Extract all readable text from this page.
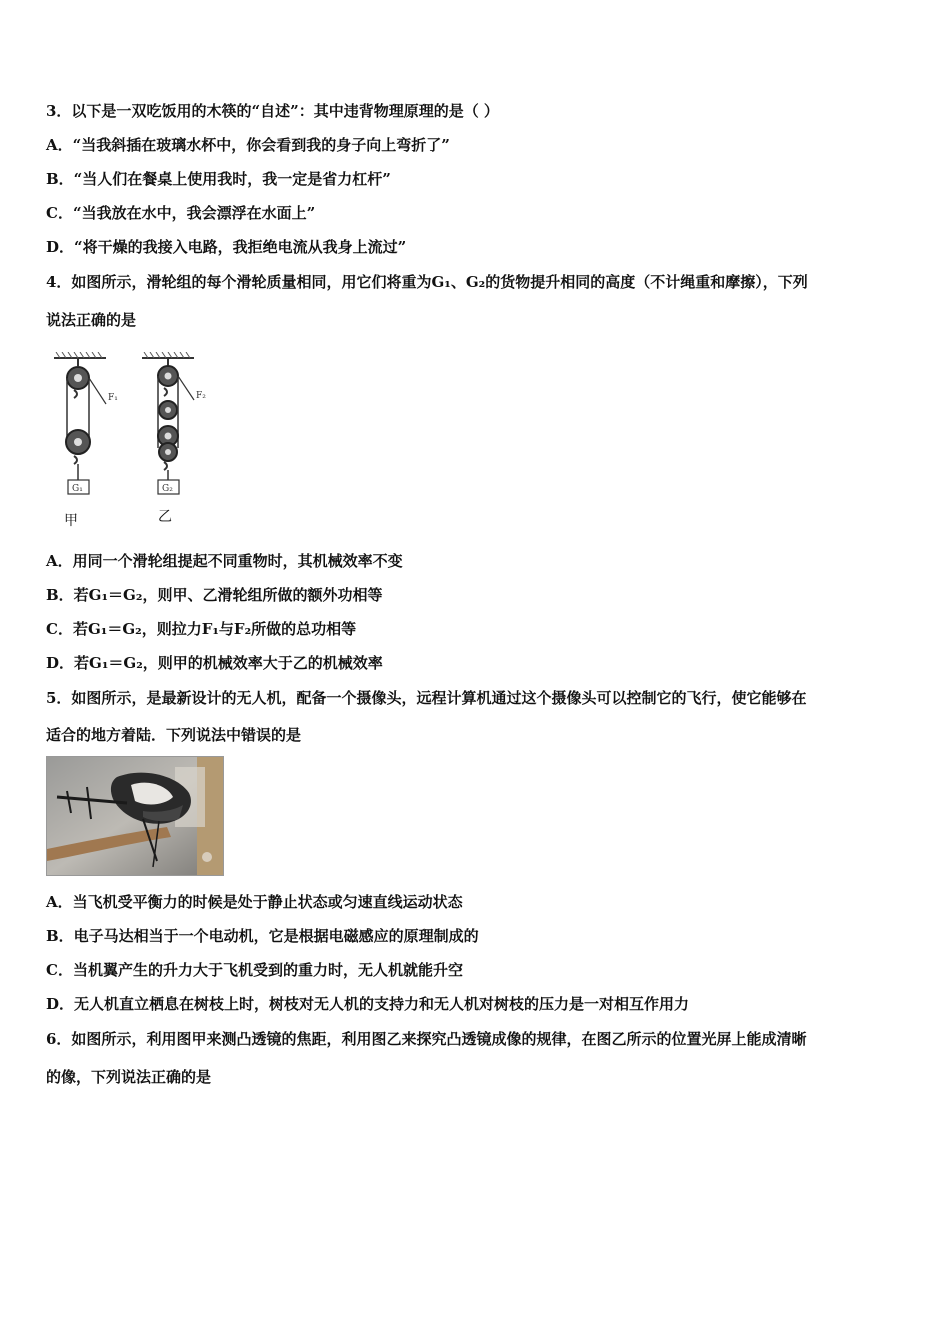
3．以下是一双吃饭用的木筷的“自述”：其中违背物理原理的是（ ）
A．“当我斜插在玻璃水杯中，你会看到我的身子向上弯折了”
B．“当人们在餐桌上使用我时，我一定是省力杠杆”
C．“当我放在水中，我会漂浮在水面上”
D．“将干燥的我接入电路，我拒绝电流从我身上流过”
4．如图所示，滑轮组的每个滑轮质量相同，用它们将重为G₁、G₂的货物提升相同的高度（不计绳重和摩擦），下列
说法正确的是
F₁
G₁
F₂
G₂
甲	乙
A．用同一个滑轮组提起不同重物时，其机械效率不变
B．若G₁＝G₂，则甲、乙滑轮组所做的额外功相等
C．若G₁＝G₂，则拉力F₁与F₂所做的总功相等
D．若G₁＝G₂，则甲的机械效率大于乙的机械效率
5．如图所示，是最新设计的无人机，配备一个摄像头，远程计算机通过这个摄像头可以控制它的飞行，使它能够在
适合的地方着陆．下列说法中错误的是
A．当飞机受平衡力的时候是处于静止状态或匀速直线运动状态
B．电子马达相当于一个电动机，它是根据电磁感应的原理制成的
C．当机翼产生的升力大于飞机受到的重力时，无人机就能升空
D．无人机直立栖息在树枝上时，树枝对无人机的支持力和无人机对树枝的压力是一对相互作用力
6．如图所示，利用图甲来测凸透镜的焦距，利用图乙来探究凸透镜成像的规律，在图乙所示的位置光屏上能成清晰
的像，下列说法正确的是
